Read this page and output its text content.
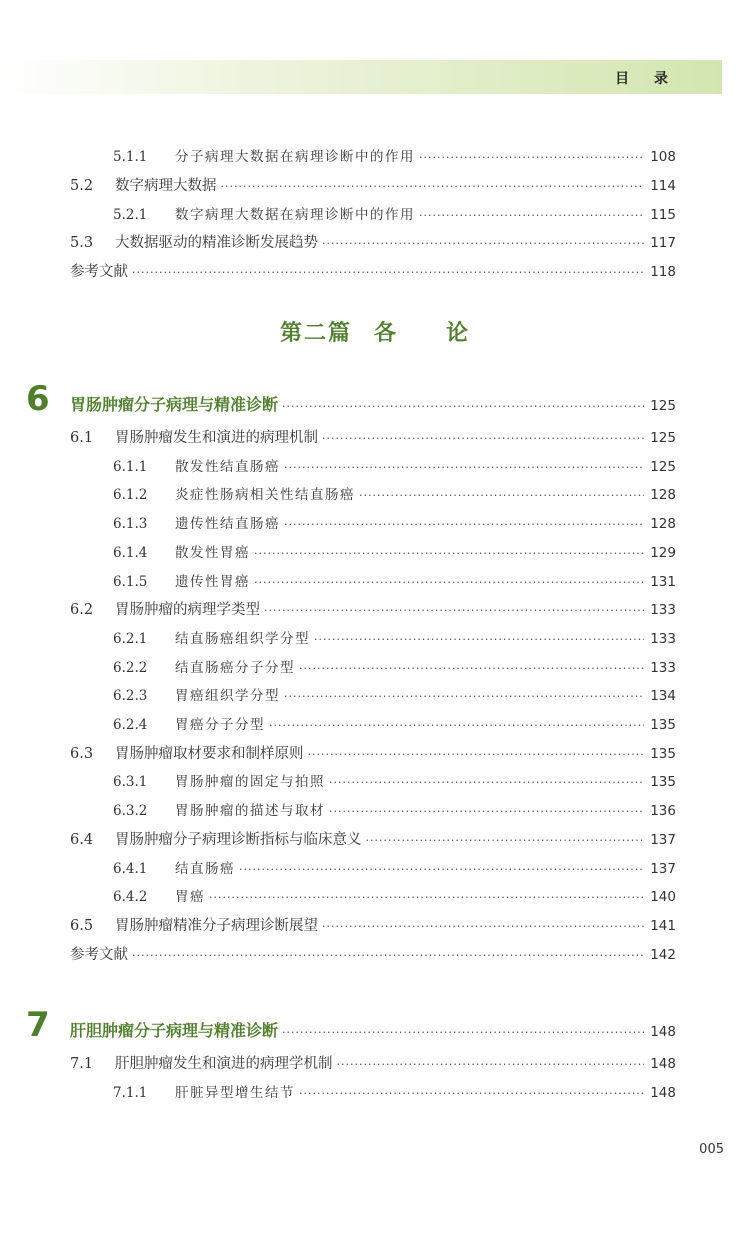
目 录
5.1.1	分子病理大数据在病理诊断中的作用 ·····	108
5.2	数字病理大数据 ·····	114
5.2.1	数字病理大数据在病理诊断中的作用 ·····	115
5.3	大数据驱动的精准诊断发展趋势 ·····	117
参考文献 ·····	118
第二篇 各 论
6	胃肠肿瘤分子病理与精准诊断 ·····	125
6.1	胃肠肿瘤发生和演进的病理机制 ·····	125
6.1.1	散发性结直肠癌 ·····	125
6.1.2	炎症性肠病相关性结直肠癌 ·····	128
6.1.3	遗传性结直肠癌 ·····	128
6.1.4	散发性胃癌 ·····	129
6.1.5	遗传性胃癌 ·····	131
6.2	胃肠肿瘤的病理学类型 ·····	133
6.2.1	结直肠癌组织学分型 ·····	133
6.2.2	结直肠癌分子分型 ·····	133
6.2.3	胃癌组织学分型 ·····	134
6.2.4	胃癌分子分型 ·····	135
6.3	胃肠肿瘤取材要求和制样原则 ·····	135
6.3.1	胃肠肿瘤的固定与拍照 ·····	135
6.3.2	胃肠肿瘤的描述与取材 ·····	136
6.4	胃肠肿瘤分子病理诊断指标与临床意义 ·····	137
6.4.1	结直肠癌 ·····	137
6.4.2	胃癌 ·····	140
6.5	胃肠肿瘤精准分子病理诊断展望 ·····	141
参考文献 ·····	142
7	肝胆肿瘤分子病理与精准诊断 ·····	148
7.1	肝胆肿瘤发生和演进的病理学机制 ·····	148
7.1.1	肝脏异型增生结节 ·····	148
005
